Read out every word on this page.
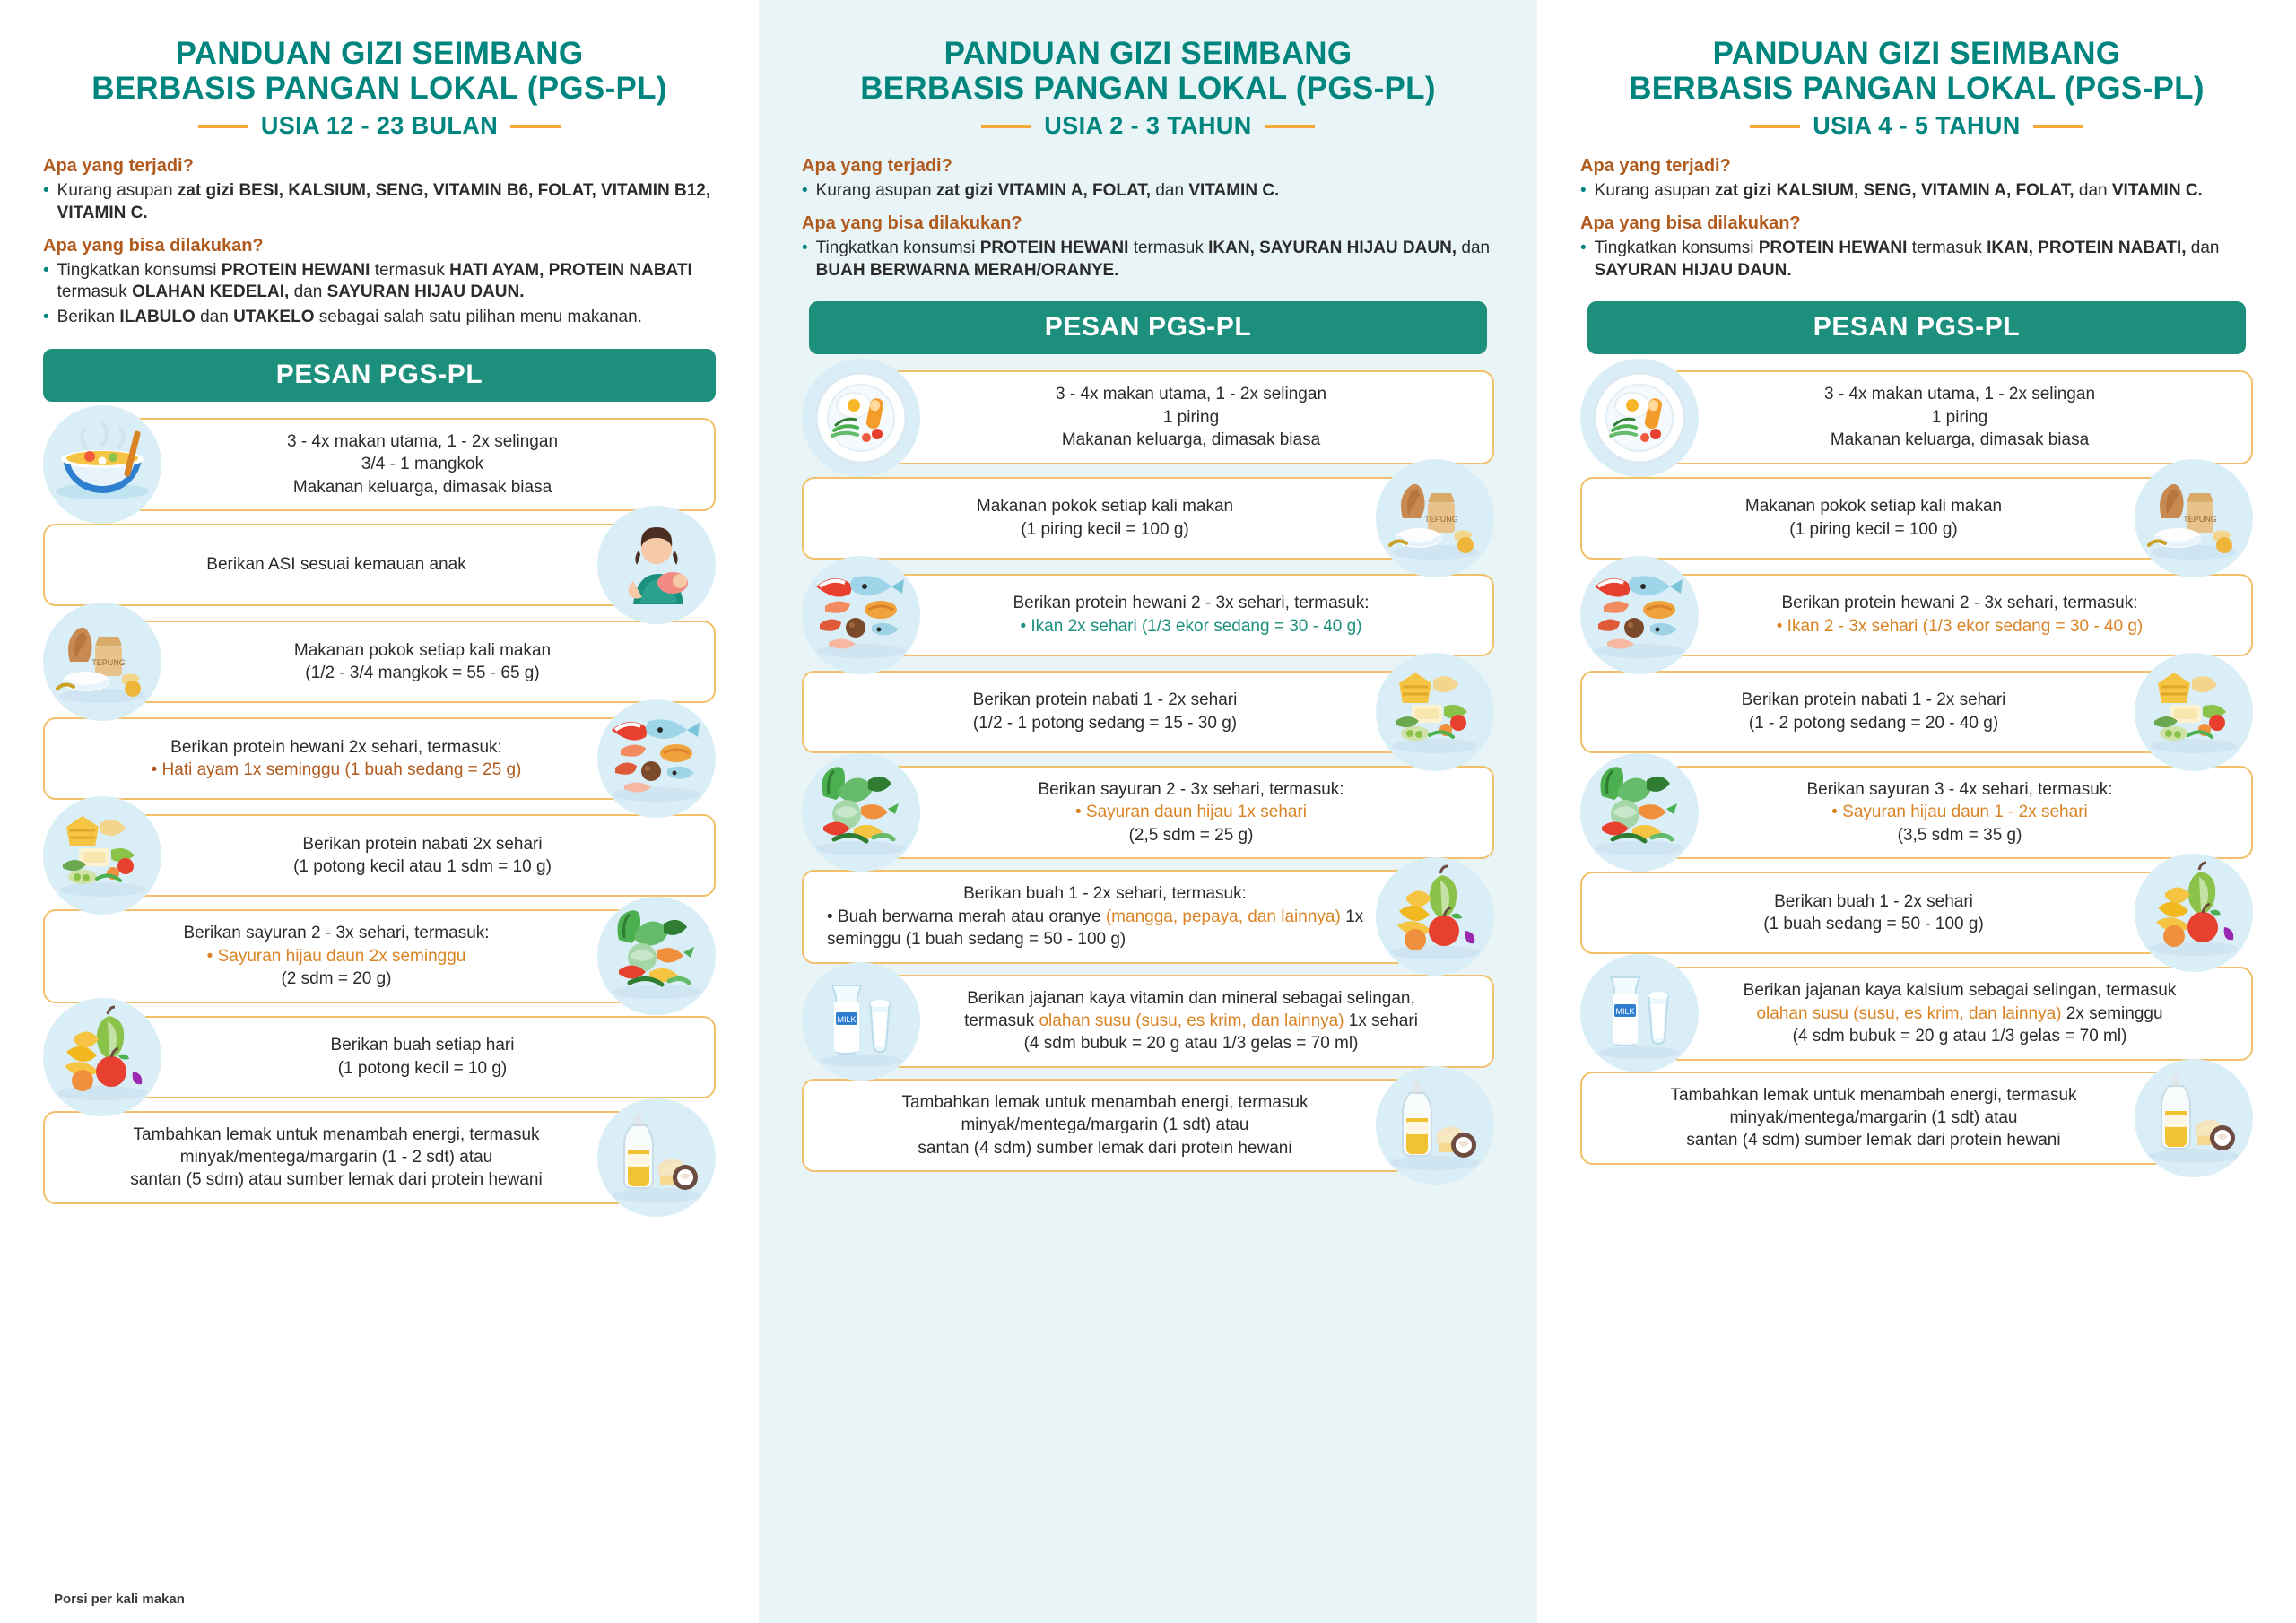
PANDUAN GIZI SEIMBANG
BERBASIS PANGAN LOKAL (PGS-PL)
USIA 12 - 23 BULAN
Apa yang terjadi?
• Kurang asupan zat gizi BESI, KALSIUM, SENG, VITAMIN B6, FOLAT, VITAMIN B12, VITAMIN C.
Apa yang bisa dilakukan?
• Tingkatkan konsumsi PROTEIN HEWANI termasuk HATI AYAM, PROTEIN NABATI termasuk OLAHAN KEDELAI, dan SAYURAN HIJAU DAUN.
• Berikan ILABULO dan UTAKELO sebagai salah satu pilihan menu makanan.
PESAN PGS-PL
3 - 4x makan utama, 1 - 2x selingan
3/4 - 1 mangkok
Makanan keluarga, dimasak biasa
Berikan ASI sesuai kemauan anak
TEPUNG
Makanan pokok setiap kali makan
(1/2 - 3/4 mangkok = 55 - 65 g)
Berikan protein hewani 2x sehari, termasuk:
• Hati ayam 1x seminggu (1 buah sedang = 25 g)
Berikan protein nabati 2x sehari
(1 potong kecil atau 1 sdm = 10 g)
Berikan sayuran 2 - 3x sehari, termasuk:
• Sayuran hijau daun 2x seminggu
(2 sdm = 20 g)
Berikan buah setiap hari
(1 potong kecil = 10 g)
Tambahkan lemak untuk menambah energi, termasuk
minyak/mentega/margarin (1 - 2 sdt) atau
santan (5 sdm) atau sumber lemak dari protein hewani
Porsi per kali makan
PANDUAN GIZI SEIMBANG
BERBASIS PANGAN LOKAL (PGS-PL)
USIA 2 - 3 TAHUN
Apa yang terjadi?
• Kurang asupan zat gizi VITAMIN A, FOLAT, dan VITAMIN C.
Apa yang bisa dilakukan?
• Tingkatkan konsumsi PROTEIN HEWANI termasuk IKAN, SAYURAN HIJAU DAUN, dan BUAH BERWARNA MERAH/ORANYE.
PESAN PGS-PL
3 - 4x makan utama, 1 - 2x selingan
1 piring
Makanan keluarga, dimasak biasa
Makanan pokok setiap kali makan
(1 piring kecil = 100 g)
TEPUNG
Berikan protein hewani 2 - 3x sehari, termasuk:
• Ikan 2x sehari (1/3 ekor sedang = 30 - 40 g)
Berikan protein nabati 1 - 2x sehari
(1/2 - 1 potong sedang = 15 - 30 g)
Berikan sayuran 2 - 3x sehari, termasuk:
• Sayuran daun hijau 1x sehari
(2,5 sdm = 25 g)
Berikan buah 1 - 2x sehari, termasuk:
• Buah berwarna merah atau oranye (mangga, pepaya, dan lainnya) 1x seminggu (1 buah sedang = 50 - 100 g)
MILK
Berikan jajanan kaya vitamin dan mineral sebagai selingan,
termasuk olahan susu (susu, es krim, dan lainnya) 1x sehari
(4 sdm bubuk = 20 g atau 1/3 gelas = 70 ml)
Tambahkan lemak untuk menambah energi, termasuk
minyak/mentega/margarin (1 sdt) atau
santan (4 sdm) sumber lemak dari protein hewani
PANDUAN GIZI SEIMBANG
BERBASIS PANGAN LOKAL (PGS-PL)
USIA 4 - 5 TAHUN
Apa yang terjadi?
• Kurang asupan zat gizi KALSIUM, SENG, VITAMIN A, FOLAT, dan VITAMIN C.
Apa yang bisa dilakukan?
• Tingkatkan konsumsi PROTEIN HEWANI termasuk IKAN, PROTEIN NABATI, dan SAYURAN HIJAU DAUN.
PESAN PGS-PL
3 - 4x makan utama, 1 - 2x selingan
1 piring
Makanan keluarga, dimasak biasa
Makanan pokok setiap kali makan
(1 piring kecil = 100 g)
TEPUNG
Berikan protein hewani 2 - 3x sehari, termasuk:
• Ikan 2 - 3x sehari (1/3 ekor sedang = 30 - 40 g)
Berikan protein nabati 1 - 2x sehari
(1 - 2 potong sedang = 20 - 40 g)
Berikan sayuran 3 - 4x sehari, termasuk:
• Sayuran hijau daun 1 - 2x sehari
(3,5 sdm = 35 g)
Berikan buah 1 - 2x sehari
(1 buah sedang = 50 - 100 g)
MILK
Berikan jajanan kaya kalsium sebagai selingan, termasuk
olahan susu (susu, es krim, dan lainnya) 2x seminggu
(4 sdm bubuk = 20 g atau 1/3 gelas = 70 ml)
Tambahkan lemak untuk menambah energi, termasuk
minyak/mentega/margarin (1 sdt) atau
santan (4 sdm) sumber lemak dari protein hewani
